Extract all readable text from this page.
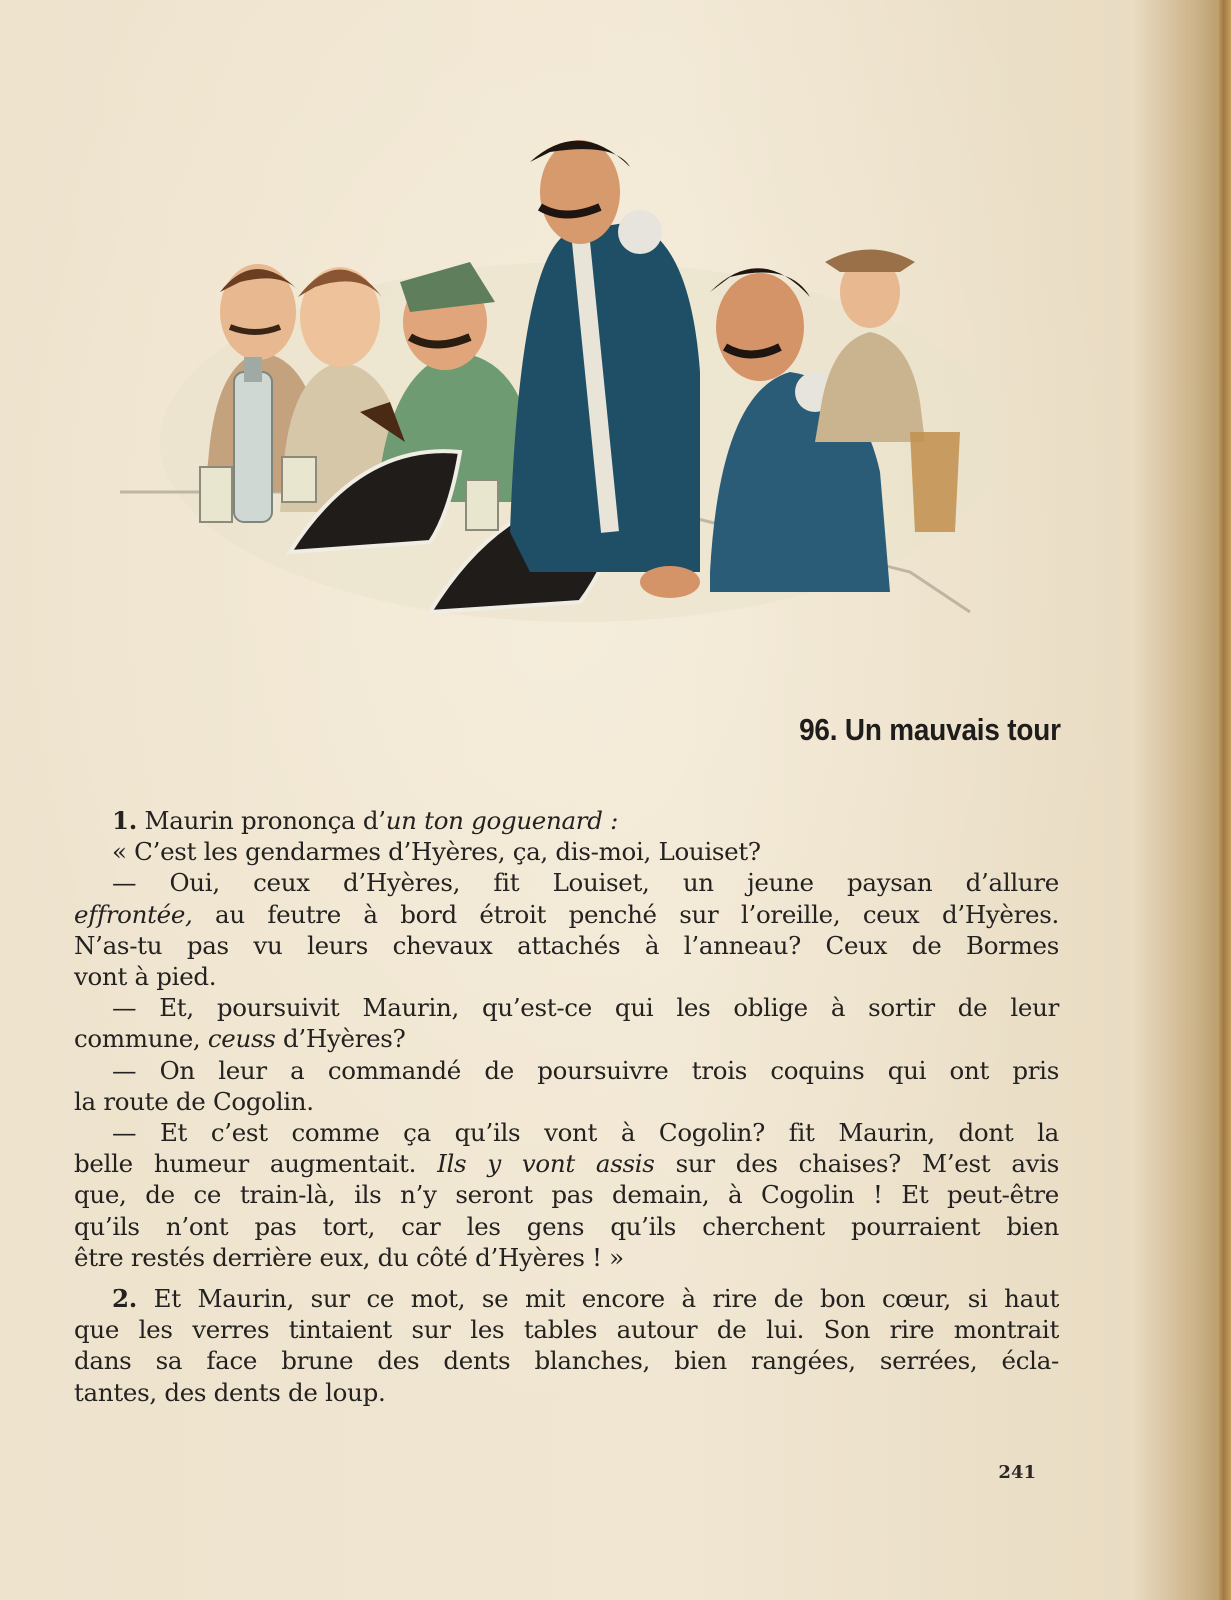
96. Un mauvais tour
1. Maurin prononça d’un ton goguenard :
« C’est les gendarmes d’Hyères, ça, dis-moi, Louiset?
— Oui, ceux d’Hyères, fit Louiset, un jeune paysan d’allure
effrontée, au feutre à bord étroit penché sur l’oreille, ceux d’Hyères.
N’as-tu pas vu leurs chevaux attachés à l’anneau? Ceux de Bormes
vont à pied.
— Et, poursuivit Maurin, qu’est-ce qui les oblige à sortir de leur
commune, ceuss d’Hyères?
— On leur a commandé de poursuivre trois coquins qui ont pris
la route de Cogolin.
— Et c’est comme ça qu’ils vont à Cogolin? fit Maurin, dont la
belle humeur augmentait. Ils y vont assis sur des chaises? M’est avis
que, de ce train-là, ils n’y seront pas demain, à Cogolin ! Et peut-être
qu’ils n’ont pas tort, car les gens qu’ils cherchent pourraient bien
être restés derrière eux, du côté d’Hyères ! »
2. Et Maurin, sur ce mot, se mit encore à rire de bon cœur, si haut
que les verres tintaient sur les tables autour de lui. Son rire montrait
dans sa face brune des dents blanches, bien rangées, serrées, écla-
tantes, des dents de loup.
241
